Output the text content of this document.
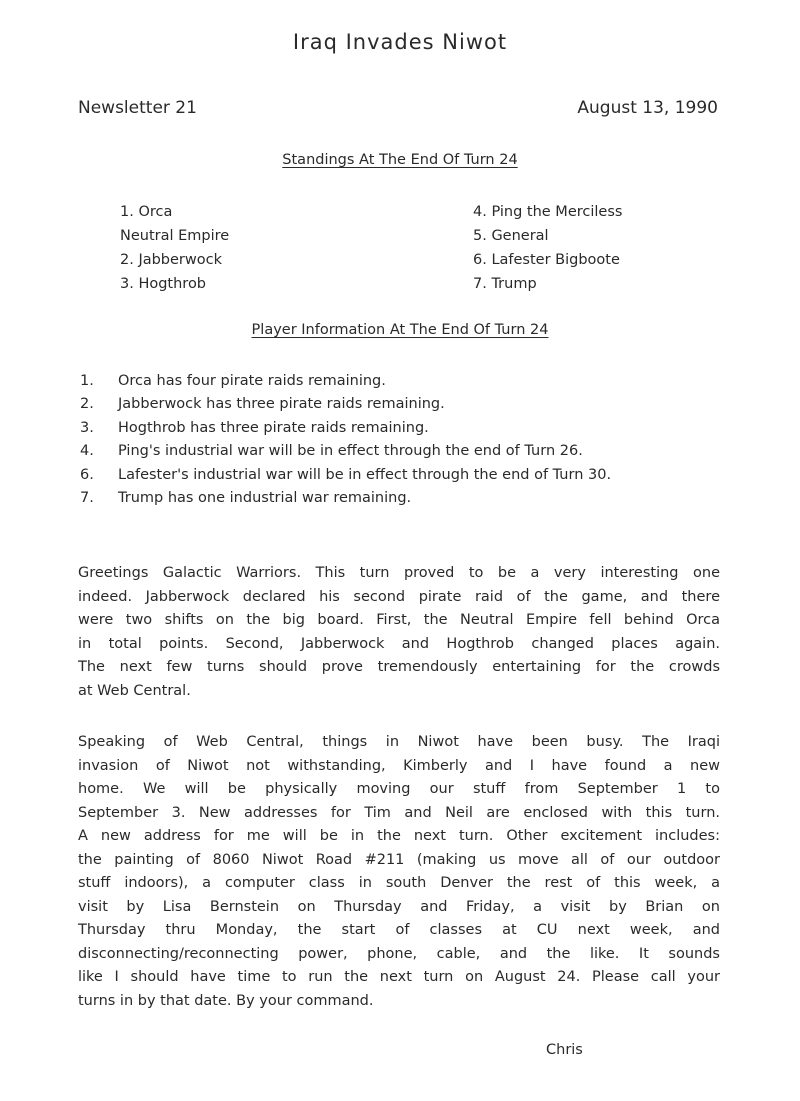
Iraq Invades Niwot
Newsletter 21	August 13, 1990
Standings At The End Of Turn 24
1. Orca
Neutral Empire
2. Jabberwock
3. Hogthrob
4. Ping the Merciless
5. General
6. Lafester Bigboote
7. Trump
Player Information At The End Of Turn 24
1.	Orca has four pirate raids remaining.
2.	Jabberwock has three pirate raids remaining.
3.	Hogthrob has three pirate raids remaining.
4.	Ping's industrial war will be in effect through the end of Turn 26.
6.	Lafester's industrial war will be in effect through the end of Turn 30.
7.	Trump has one industrial war remaining.
Greetings Galactic Warriors. This turn proved to be a very interesting one
indeed. Jabberwock declared his second pirate raid of the game, and there
were two shifts on the big board. First, the Neutral Empire fell behind Orca
in total points. Second, Jabberwock and Hogthrob changed places again.
The next few turns should prove tremendously entertaining for the crowds
at Web Central.
Speaking of Web Central, things in Niwot have been busy. The Iraqi
invasion of Niwot not withstanding, Kimberly and I have found a new
home. We will be physically moving our stuff from September 1 to
September 3. New addresses for Tim and Neil are enclosed with this turn.
A new address for me will be in the next turn. Other excitement includes:
the painting of 8060 Niwot Road #211 (making us move all of our outdoor
stuff indoors), a computer class in south Denver the rest of this week, a
visit by Lisa Bernstein on Thursday and Friday, a visit by Brian on
Thursday thru Monday, the start of classes at CU next week, and
disconnecting/reconnecting power, phone, cable, and the like. It sounds
like I should have time to run the next turn on August 24. Please call your
turns in by that date. By your command.
Chris
